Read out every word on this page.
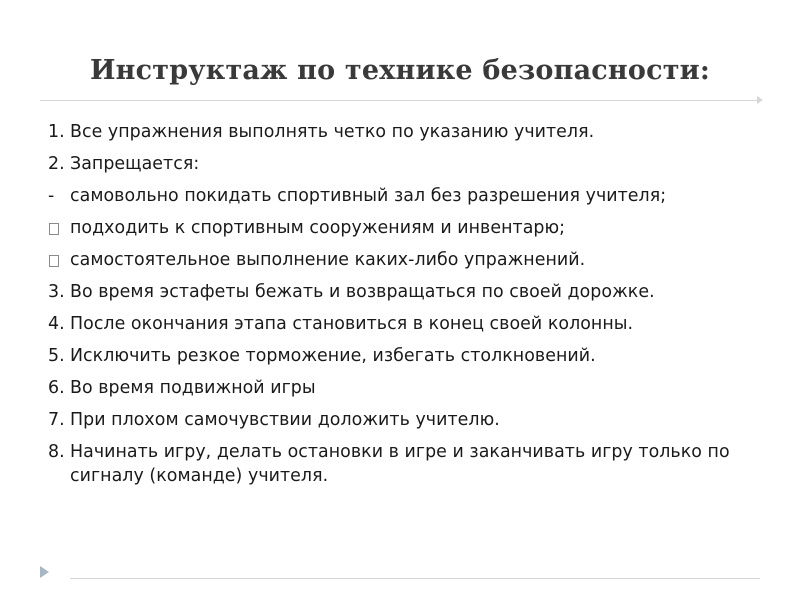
Инструктаж по технике безопасности:
1. Все упражнения выполнять четко по указанию учителя.
2. Запрещается:
- самовольно покидать спортивный зал без разрешения учителя;
подходить к спортивным сооружениям и инвентарю;
самостоятельное выполнение каких-либо упражнений.
3. Во время эстафеты бежать и возвращаться по своей дорожке.
4. После окончания этапа становиться в конец своей колонны.
5. Исключить резкое торможение, избегать столкновений.
6. Во время подвижной игры
7. При плохом самочувствии доложить учителю.
8. Начинать игру, делать остановки в игре и заканчивать игру только по сигналу (команде) учителя.
